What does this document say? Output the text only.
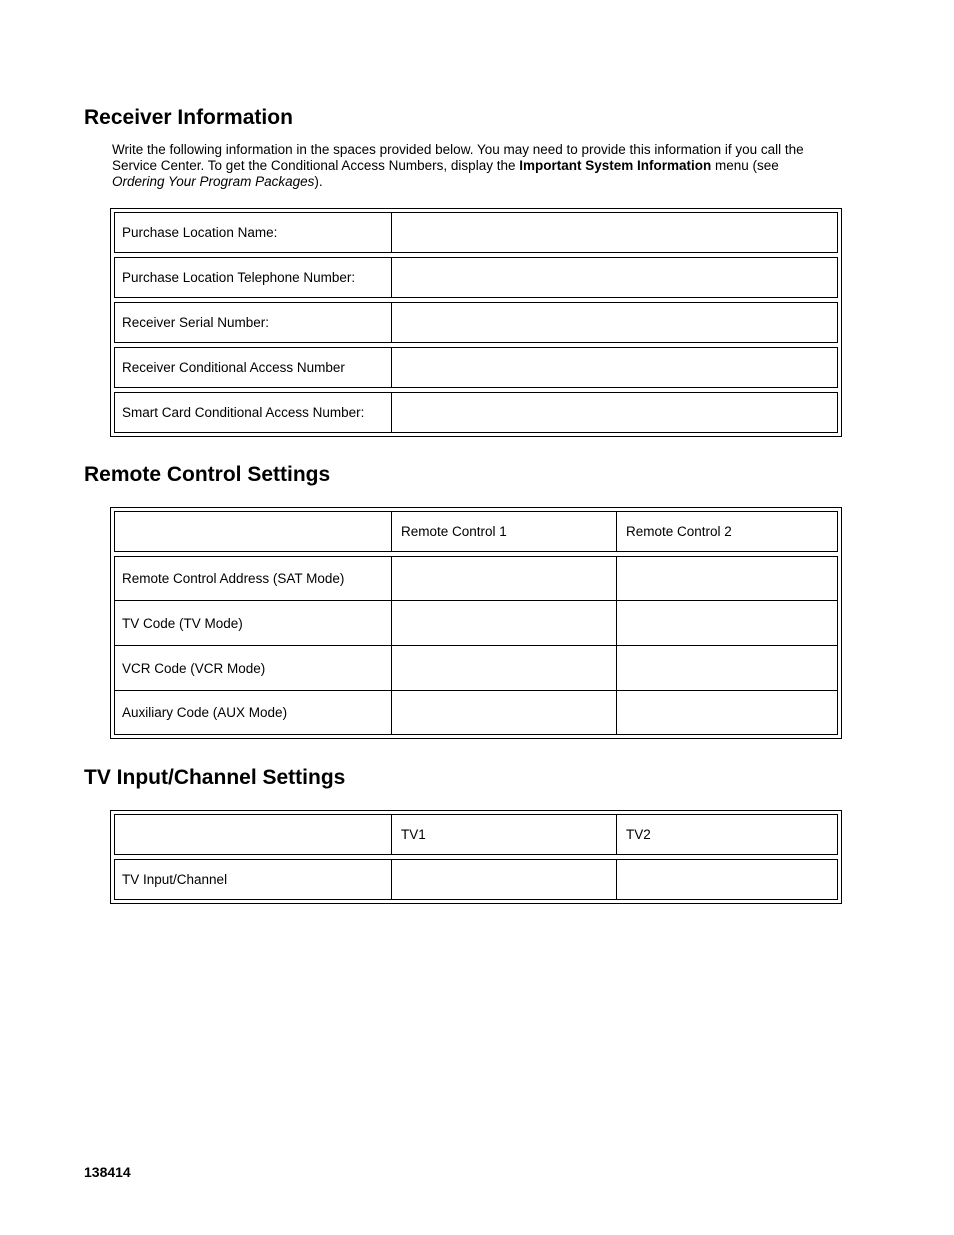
Receiver Information

Write the following information in the spaces provided below. You may need to provide this information if you call the Service Center. To get the Conditional Access Numbers, display the Important System Information menu (see Ordering Your Program Packages).

Purchase Location Name:
Purchase Location Telephone Number:
Receiver Serial Number:
Receiver Conditional Access Number
Smart Card Conditional Access Number:
Remote Control Settings
Remote Control 1	Remote Control 2
Remote Control Address (SAT Mode)
TV Code (TV Mode)
VCR Code (VCR Mode)
Auxiliary Code (AUX Mode)
TV Input/Channel Settings
TV1	TV2
TV Input/Channel

138414
